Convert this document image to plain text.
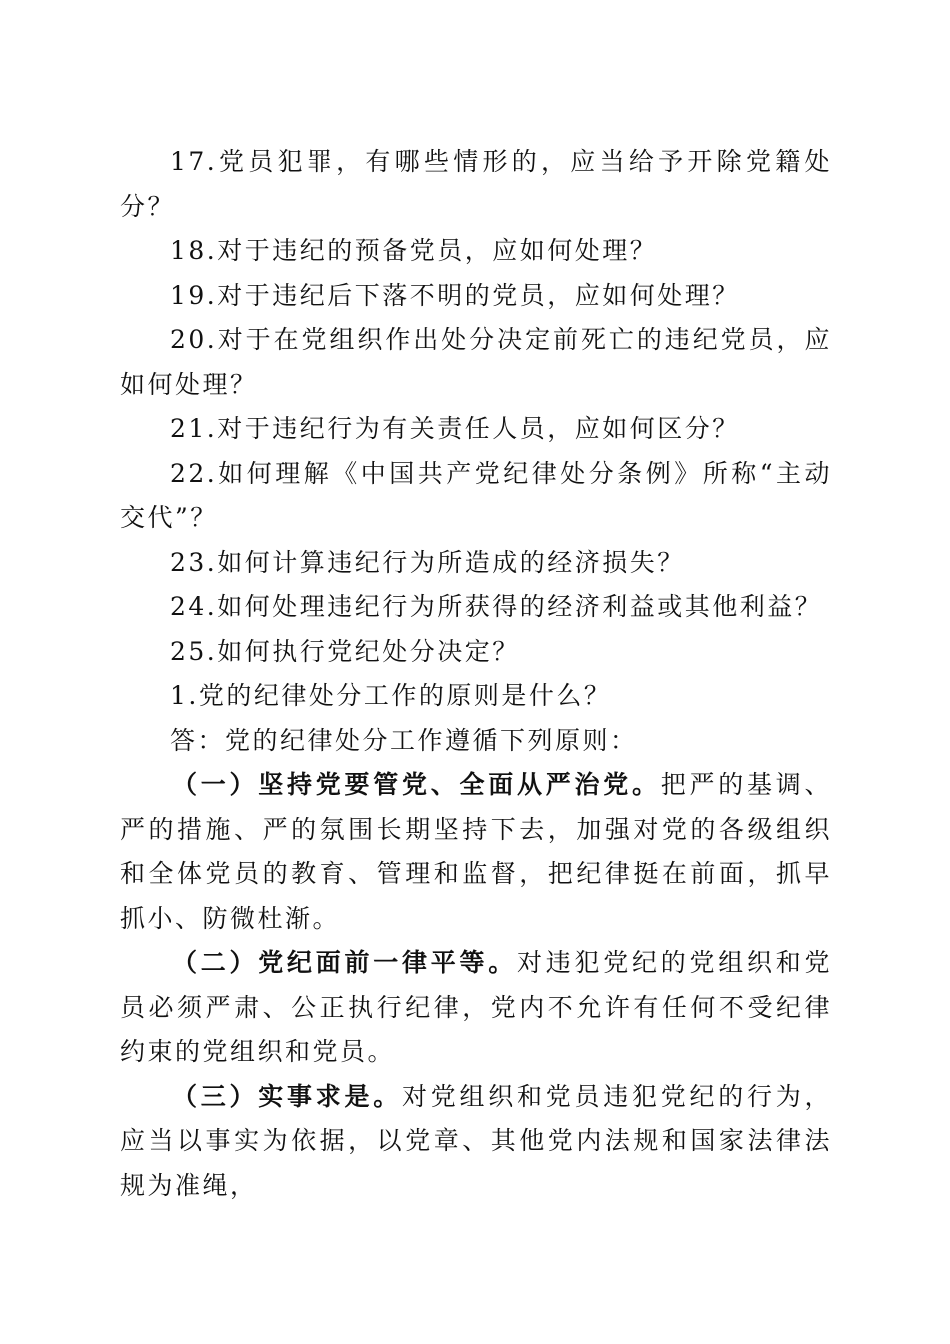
17.党员犯罪，有哪些情形的，应当给予开除党籍处分？

18.对于违纪的预备党员，应如何处理？

19.对于违纪后下落不明的党员，应如何处理？

20.对于在党组织作出处分决定前死亡的违纪党员，应如何处理？

21.对于违纪行为有关责任人员，应如何区分？

22.如何理解《中国共产党纪律处分条例》所称“主动交代”？

23.如何计算违纪行为所造成的经济损失？

24.如何处理违纪行为所获得的经济利益或其他利益？

25.如何执行党纪处分决定？

1.党的纪律处分工作的原则是什么？

答：党的纪律处分工作遵循下列原则：

（一）坚持党要管党、全面从严治党。把严的基调、严的措施、严的氛围长期坚持下去，加强对党的各级组织和全体党员的教育、管理和监督，把纪律挺在前面，抓早抓小、防微杜渐。

（二）党纪面前一律平等。对违犯党纪的党组织和党员必须严肃、公正执行纪律，党内不允许有任何不受纪律约束的党组织和党员。

（三）实事求是。对党组织和党员违犯党纪的行为，应当以事实为依据，以党章、其他党内法规和国家法律法规为准绳，
